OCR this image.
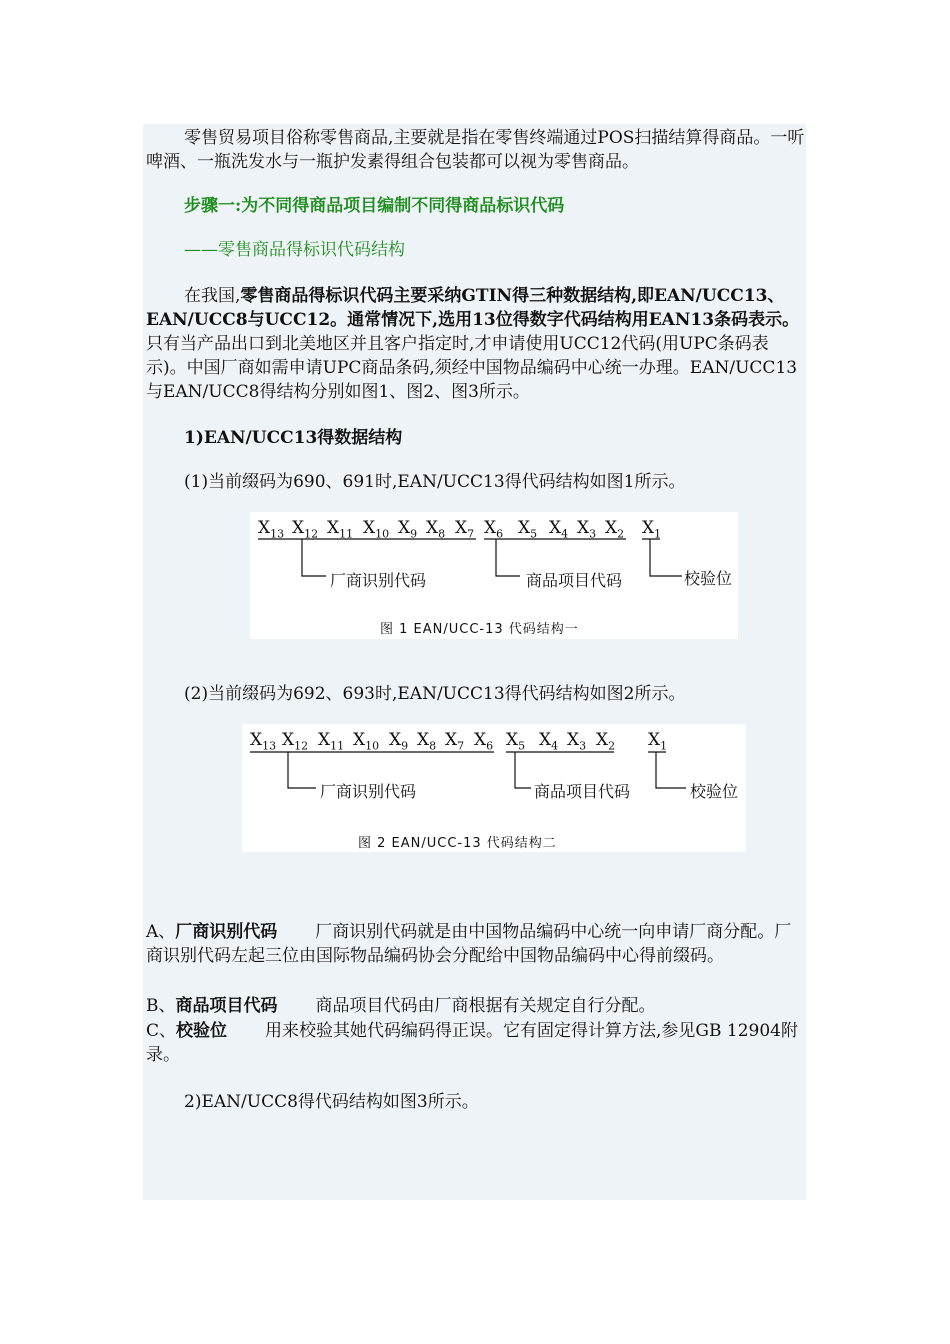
零售贸易项目俗称零售商品,主要就是指在零售终端通过POS扫描结算得商品。一听啤酒、一瓶洗发水与一瓶护发素得组合包装都可以视为零售商品。

步骤一:为不同得商品项目编制不同得商品标识代码

——零售商品得标识代码结构

在我国,零售商品得标识代码主要采纳GTIN得三种数据结构,即EAN/UCC13、EAN/UCC8与UCC12。通常情况下,选用13位得数字代码结构用EAN13条码表示。只有当产品出口到北美地区并且客户指定时,才申请使用UCC12代码(用UPC条码表示)。中国厂商如需申请UPC商品条码,须经中国物品编码中心统一办理。EAN/UCC13与EAN/UCC8得结构分别如图1、图2、图3所示。

1)EAN/UCC13得数据结构

(1)当前缀码为690、691时,EAN/UCC13得代码结构如图1所示。

$X_{13}$ $X_{12}$ $X_{11}$ $X_{10}$ $X_9$ $X_8$ $X_7$ $X_6$ $X_5$ $X_4$ $X_3$ $X_2$ $X_1$
厂商识别代码	商品项目代码	校验位
图 1 EAN/UCC-13 代码结构一

(2)当前缀码为692、693时,EAN/UCC13得代码结构如图2所示。

$X_{13}$ $X_{12}$ $X_{11}$ $X_{10}$ $X_9$ $X_8$ $X_7$ $X_6$ $X_5$ $X_4$ $X_3$ $X_2$ $X_1$
厂商识别代码	商品项目代码	校验位
图 2 EAN/UCC-13 代码结构二

A、厂商识别代码 厂商识别代码就是由中国物品编码中心统一向申请厂商分配。厂商识别代码左起三位由国际物品编码协会分配给中国物品编码中心得前缀码。

B、商品项目代码 商品项目代码由厂商根据有关规定自行分配。

C、校验位 用来校验其她代码编码得正误。它有固定得计算方法,参见GB 12904附录。

2)EAN/UCC8得代码结构如图3所示。
